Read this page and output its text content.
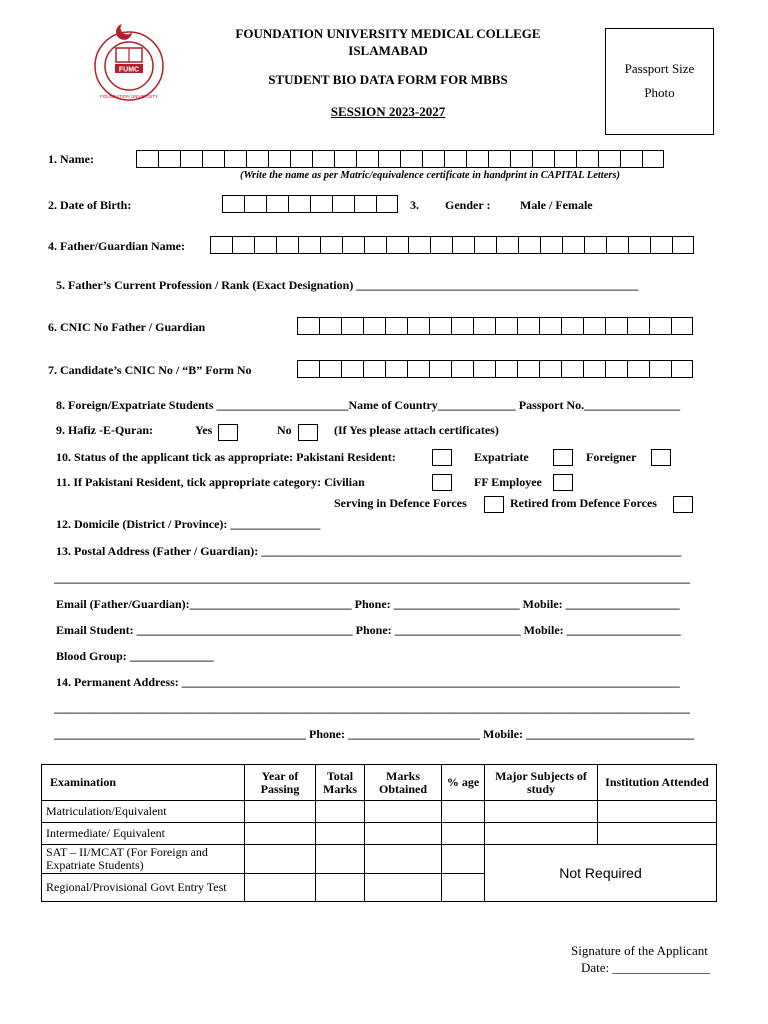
FUMC
FOUNDATION UNIVERSITY
FOUNDATION UNIVERSITY MEDICAL COLLEGE
ISLAMABAD
STUDENT BIO DATA FORM FOR MBBS
SESSION 2023-2027
Passport Size
Photo
1. Name:
(Write the name as per Matric/equivalence certificate in handprint in CAPITAL Letters)
2. Date of Birth:	3. Gender : Male / Female
4. Father/Guardian Name:
5. Father’s Current Profession / Rank (Exact Designation) _______________________________________________
6. CNIC No Father / Guardian
7. Candidate’s CNIC No / “B” Form No
8. Foreign/Expatriate Students ______________________Name of Country_____________ Passport No.________________
9. Hafiz -E-Quran:	Yes	No	(If Yes please attach certificates)
10. Status of the applicant tick as appropriate: Pakistani Resident:	Expatriate	Foreigner
11. If Pakistani Resident, tick appropriate category: Civilian	FF Employee
Serving in Defence Forces	Retired from Defence Forces
12. Domicile (District / Province): _______________
13. Postal Address (Father / Guardian): ______________________________________________________________________
__________________________________________________________________________________________________________
Email (Father/Guardian):___________________________ Phone: _____________________ Mobile: ___________________
Email Student: ____________________________________ Phone: _____________________ Mobile: ___________________
Blood Group: ______________
14. Permanent Address: ___________________________________________________________________________________
__________________________________________________________________________________________________________
__________________________________________ Phone: ______________________ Mobile: ____________________________
Examination	Year of Passing	Total Marks	Marks Obtained	% age	Major Subjects of study	Institution Attended
Matriculation/Equivalent						
Intermediate/ Equivalent						
SAT – II/MCAT (For Foreign and Expatriate Students)					Not Required	
Regional/Provisional Govt Entry Test						
Signature of the Applicant
Date: _______________
